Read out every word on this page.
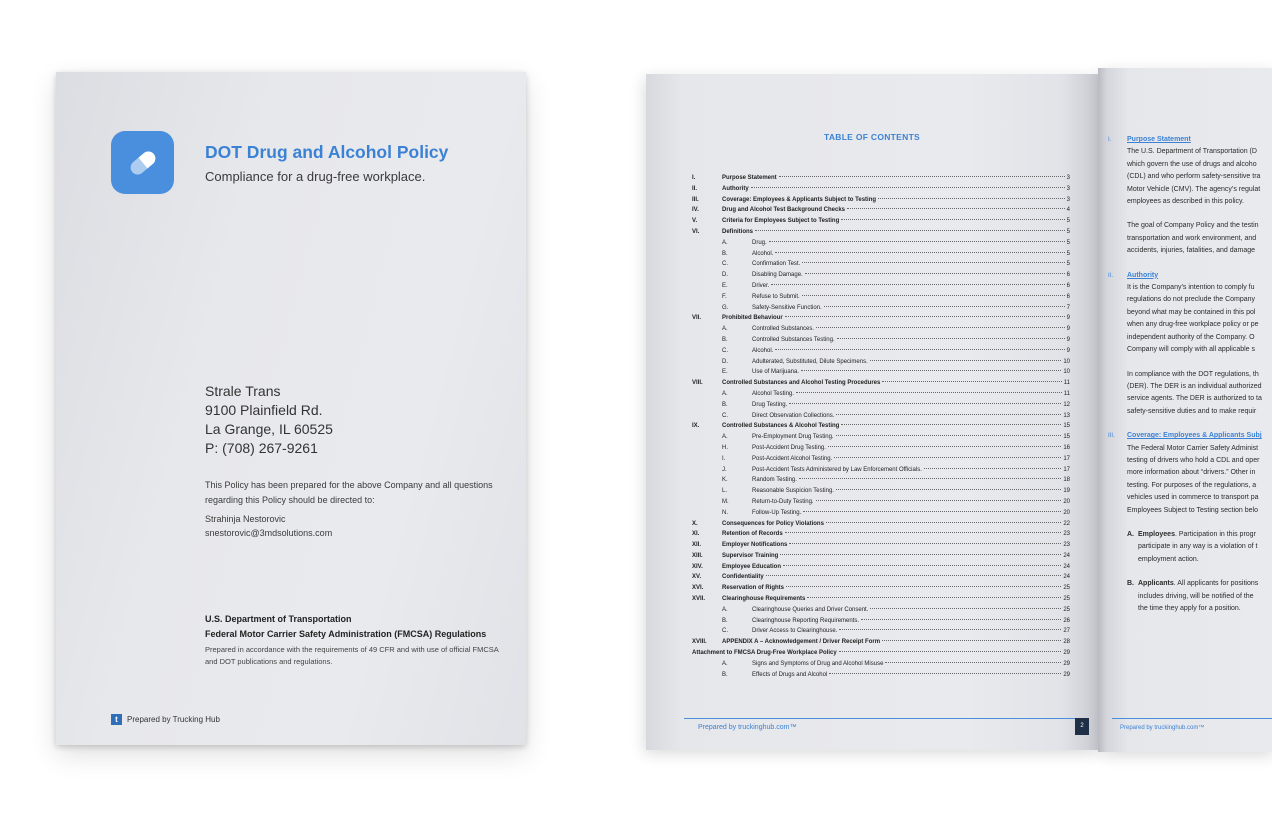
DOT Drug and Alcohol Policy
Compliance for a drug-free workplace.
Strale Trans
9100 Plainfield Rd.
La Grange, IL 60525
P: (708) 267-9261
This Policy has been prepared for the above Company and all questions regarding this Policy should be directed to:
Strahinja Nestorovic
snestorovic@3mdsolutions.com
U.S. Department of Transportation
Federal Motor Carrier Safety Administration (FMCSA) Regulations
Prepared in accordance with the requirements of 49 CFR and with use of official FMCSA and DOT publications and regulations.
t	Prepared by Trucking Hub
TABLE OF CONTENTS
I.	Purpose Statement	3
II.	Authority	3
III.	Coverage: Employees & Applicants Subject to Testing	3
IV.	Drug and Alcohol Test Background Checks	4
V.	Criteria for Employees Subject to Testing	5
VI.	Definitions	5
A.	Drug.	5
B.	Alcohol.	5
C.	Confirmation Test.	5
D.	Disabling Damage.	6
E.	Driver.	6
F.	Refuse to Submit.	6
G.	Safety-Sensitive Function.	7
VII.	Prohibited Behaviour	9
A.	Controlled Substances.	9
B.	Controlled Substances Testing.	9
C.	Alcohol.	9
D.	Adulterated, Substituted, Dilute Specimens.	10
E.	Use of Marijuana.	10
VIII.	Controlled Substances and Alcohol Testing Procedures	11
A.	Alcohol Testing.	11
B.	Drug Testing.	12
C.	Direct Observation Collections.	13
IX.	Controlled Substances & Alcohol Testing	15
A.	Pre-Employment Drug Testing.	15
H.	Post-Accident Drug Testing.	16
I.	Post-Accident Alcohol Testing.	17
J.	Post-Accident Tests Administered by Law Enforcement Officials.	17
K.	Random Testing.	18
L.	Reasonable Suspicion Testing.	19
M.	Return-to-Duty Testing.	20
N.	Follow-Up Testing.	20
X.	Consequences for Policy Violations	22
XI.	Retention of Records	23
XII.	Employer Notifications	23
XIII.	Supervisor Training	24
XIV.	Employee Education	24
XV.	Confidentiality	24
XVI.	Reservation of Rights	25
XVII.	Clearinghouse Requirements	25
A.	Clearinghouse Queries and Driver Consent.	25
B.	Clearinghouse Reporting Requirements.	26
C.	Driver Access to Clearinghouse.	27
XVIII.	APPENDIX A – Acknowledgement / Driver Receipt Form	28
Attachment to FMCSA Drug-Free Workplace Policy	29
A.	Signs and Symptoms of Drug and Alcohol Misuse	29
B.	Effects of Drugs and Alcohol	29
Prepared by truckinghub.com™	2
I.	Purpose Statement
The U.S. Department of Transportation (D
which govern the use of drugs and alcoho
(CDL) and who perform safety-sensitive tra
Motor Vehicle (CMV). The agency’s regulat
employees as described in this policy.
The goal of Company Policy and the testin
transportation and work environment, and
accidents, injuries, fatalities, and damage
II.	Authority
It is the Company’s intention to comply fu
regulations do not preclude the Company
beyond what may be contained in this pol
when any drug-free workplace policy or pe
independent authority of the Company. O
Company will comply with all applicable s
In compliance with the DOT regulations, th
(DER). The DER is an individual authorized
service agents. The DER is authorized to ta
safety-sensitive duties and to make requir
III.	Coverage: Employees & Applicants Subj
The Federal Motor Carrier Safety Administ
testing of drivers who hold a CDL and oper
more information about “drivers.” Other in
testing. For purposes of the regulations, a
vehicles used in commerce to transport pa
Employees Subject to Testing section belo
A. Employees. Participation in this progr
participate in any way is a violation of t
employment action.
B. Applicants. All applicants for positions
includes driving, will be notified of the
the time they apply for a position.
Prepared by truckinghub.com™
